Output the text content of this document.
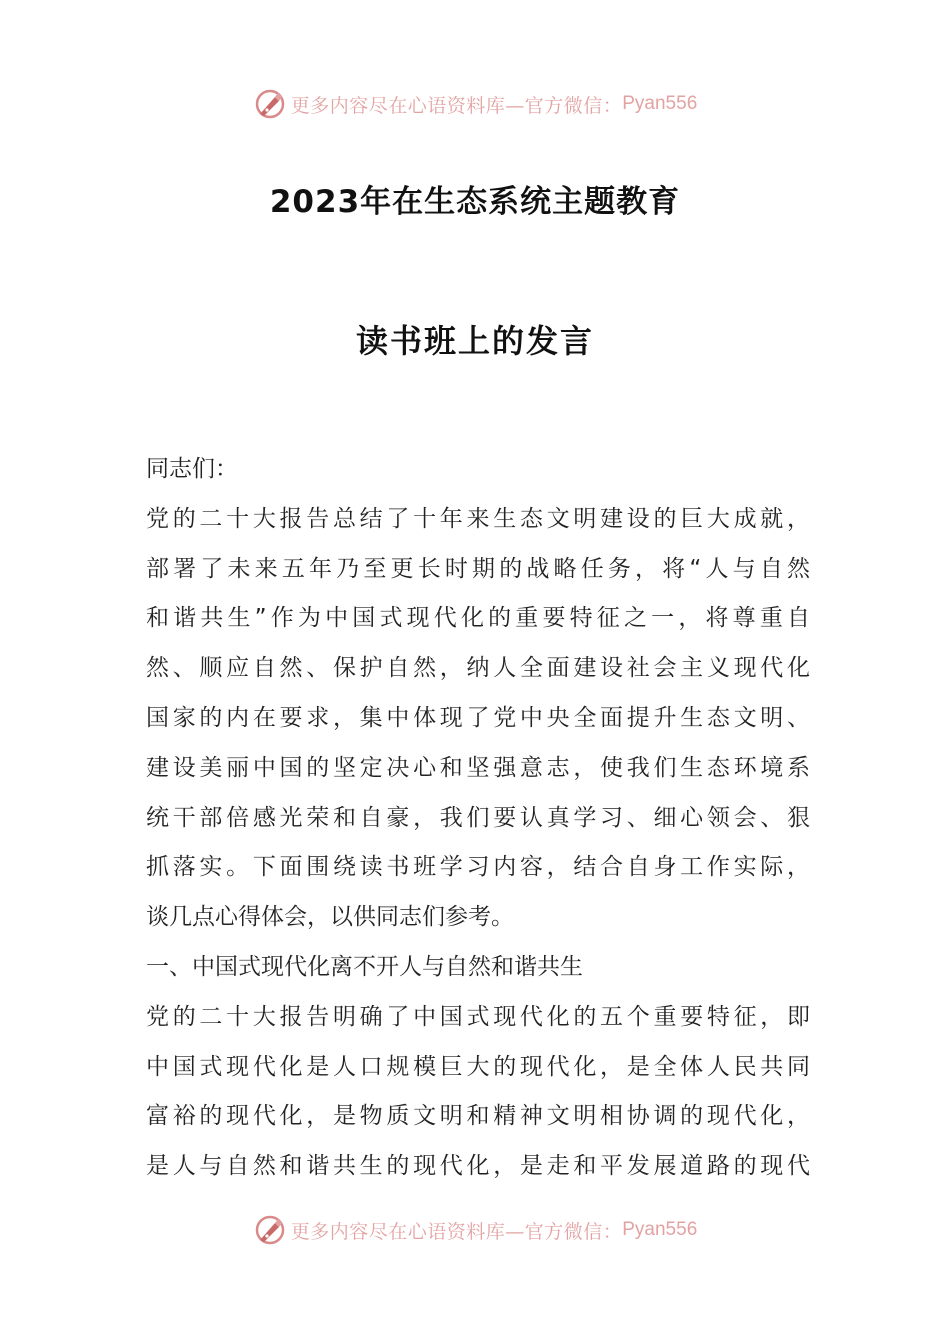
更多内容尽在心语资料库—官方微信： Pyan556
2023年在生态系统主题教育
读书班上的发言
同志们：
党的二十大报告总结了十年来生态文明建设的巨大成就，
部署了未来五年乃至更长时期的战略任务，将“人与自然
和谐共生”作为中国式现代化的重要特征之一，将尊重自
然、顺应自然、保护自然，纳人全面建设社会主义现代化
国家的内在要求，集中体现了党中央全面提升生态文明、
建设美丽中国的坚定决心和坚强意志，使我们生态环境系
统干部倍感光荣和自豪，我们要认真学习、细心领会、狠
抓落实。下面围绕读书班学习内容，结合自身工作实际，
谈几点心得体会，以供同志们参考。
一、中国式现代化离不开人与自然和谐共生
党的二十大报告明确了中国式现代化的五个重要特征，即
中国式现代化是人口规模巨大的现代化，是全体人民共同
富裕的现代化，是物质文明和精神文明相协调的现代化，
是人与自然和谐共生的现代化，是走和平发展道路的现代
更多内容尽在心语资料库—官方微信： Pyan556
